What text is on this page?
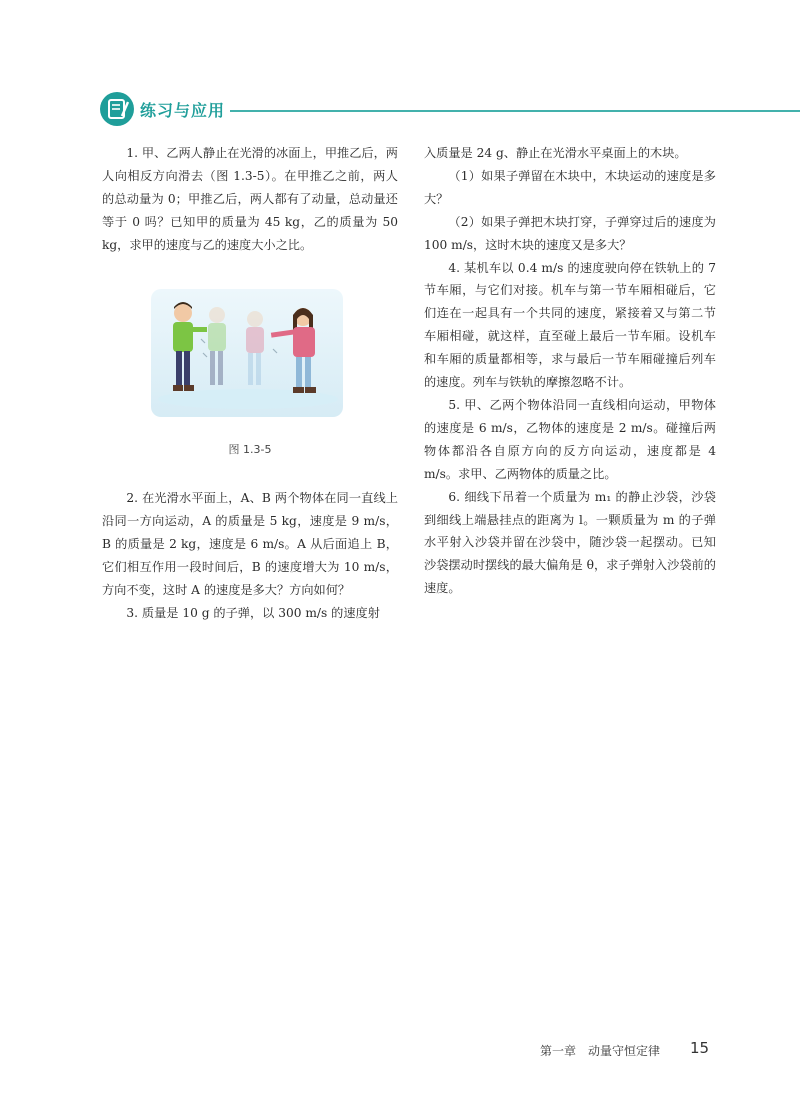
练习与应用

1. 甲、乙两人静止在光滑的冰面上，甲推乙后，两人向相反方向滑去（图 1.3-5）。在甲推乙之前，两人的总动量为 0；甲推乙后，两人都有了动量，总动量还等于 0 吗？已知甲的质量为 45 kg，乙的质量为 50 kg，求甲的速度与乙的速度大小之比。

图 1.3-5

2. 在光滑水平面上，A、B 两个物体在同一直线上沿同一方向运动，A 的质量是 5 kg，速度是 9 m/s，B 的质量是 2 kg，速度是 6 m/s。A 从后面追上 B，它们相互作用一段时间后，B 的速度增大为 10 m/s，方向不变，这时 A 的速度是多大？方向如何？

3. 质量是 10 g 的子弹，以 300 m/s 的速度射

入质量是 24 g、静止在光滑水平桌面上的木块。

（1）如果子弹留在木块中，木块运动的速度是多大？

（2）如果子弹把木块打穿，子弹穿过后的速度为 100 m/s，这时木块的速度又是多大？

4. 某机车以 0.4 m/s 的速度驶向停在铁轨上的 7 节车厢，与它们对接。机车与第一节车厢相碰后，它们连在一起具有一个共同的速度，紧接着又与第二节车厢相碰，就这样，直至碰上最后一节车厢。设机车和车厢的质量都相等，求与最后一节车厢碰撞后列车的速度。列车与铁轨的摩擦忽略不计。

5. 甲、乙两个物体沿同一直线相向运动，甲物体的速度是 6 m/s，乙物体的速度是 2 m/s。碰撞后两物体都沿各自原方向的反方向运动，速度都是 4 m/s。求甲、乙两物体的质量之比。

6. 细线下吊着一个质量为 m₁ 的静止沙袋，沙袋到细线上端悬挂点的距离为 l。一颗质量为 m 的子弹水平射入沙袋并留在沙袋中，随沙袋一起摆动。已知沙袋摆动时摆线的最大偏角是 θ，求子弹射入沙袋前的速度。

第一章　动量守恒定律 15
